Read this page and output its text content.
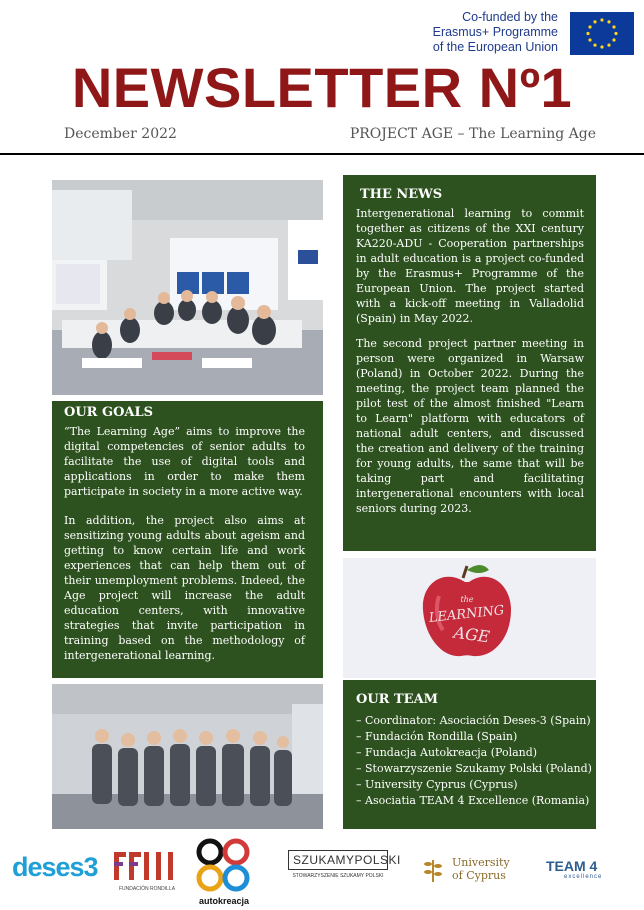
Co-funded by the
Erasmus+ Programme
of the European Union
NEWSLETTER Nº1
December 2022	PROJECT AGE – The Learning Age
OUR GOALS

“The Learning Age” aims to improve the digital competencies of senior adults to facilitate the use of digital tools and applications in order to make them participate in society in a more active way.

In addition, the project also aims at sensitizing young adults about ageism and getting to know certain life and work experiences that can help them out of their unemployment problems. Indeed, the Age project will increase the adult education centers, with innovative strategies that invite participation in training based on the methodology of intergenerational learning.

THE NEWS

Intergenerational learning to commit together as citizens of the XXI century KA220-ADU - Cooperation partnerships in adult education is a project co-funded by the Erasmus+ Programme of the European Union. The project started with a kick-off meeting in Valladolid (Spain) in May 2022.

The second project partner meeting in person were organized in Warsaw (Poland) in October 2022. During the meeting, the project team planned the pilot test of the almost finished "Learn to Learn" platform with educators of national adult centers, and discussed the creation and delivery of the training for young adults, the same that will be taking part and facilitating intergenerational encounters with local seniors during 2023.

the
LEARNING
AGE
OUR TEAM
– Coordinator: Asociación Deses-3 (Spain)
– Fundación Rondilla (Spain)
– Fundacja Autokreacja (Poland)
– Stowarzyszenie Szukamy Polski (Poland)
– University Cyprus (Cyprus)
– Asociatia TEAM 4 Excellence (Romania)
deses3
FUNDACIÓN RONDILLA
autokreacja
SZUKAMYPOLSKI
STOWARZYSZENIE SZUKAMY POLSKI
University
of Cyprus
TEAM 4
excellence
